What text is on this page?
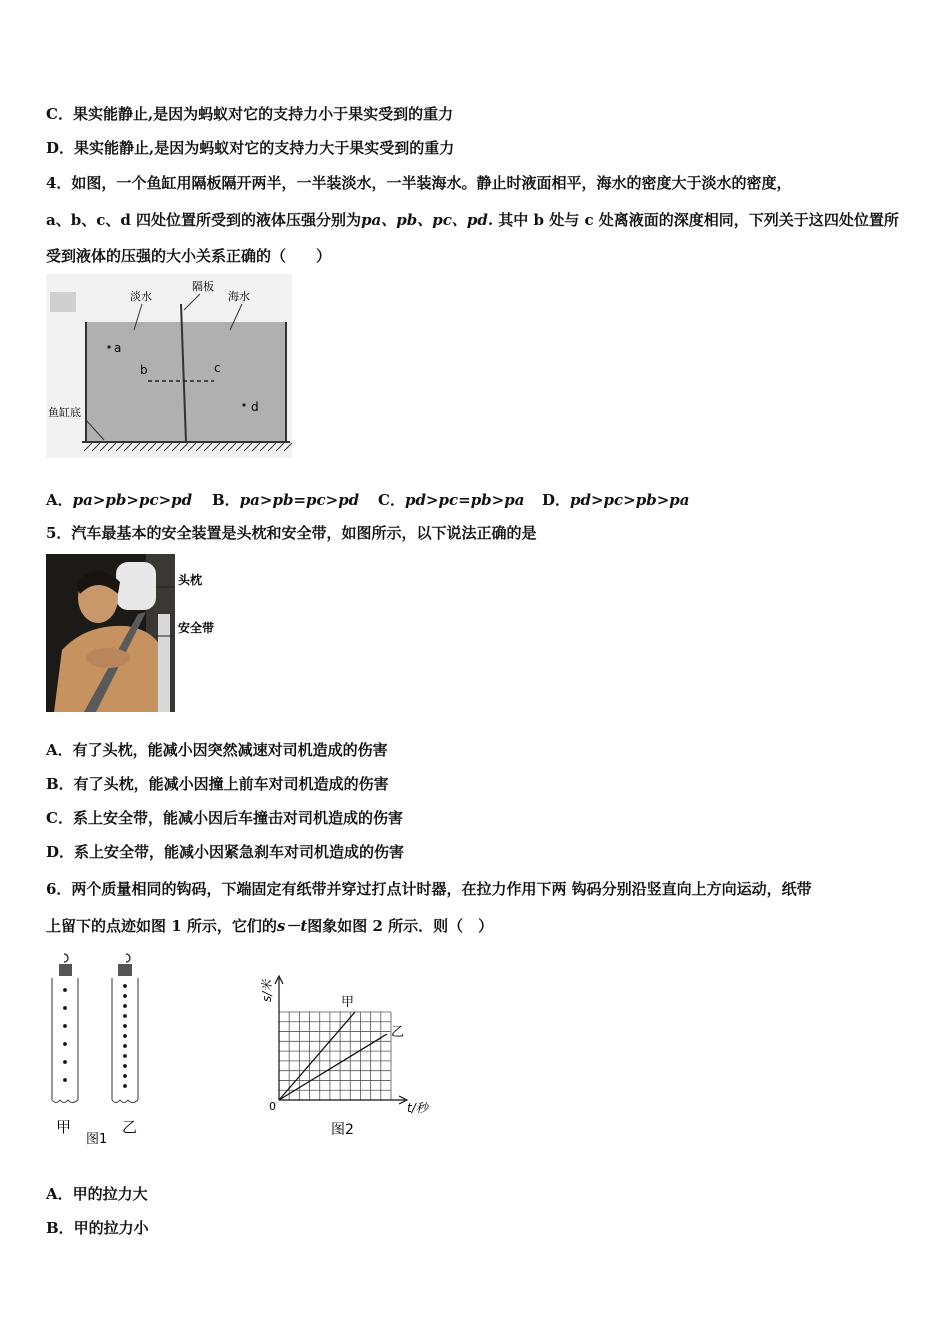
C．果实能静止,是因为蚂蚁对它的支持力小于果实受到的重力
D．果实能静止,是因为蚂蚁对它的支持力大于果实受到的重力
4．如图，一个鱼缸用隔板隔开两半，一半装淡水，一半装海水。静止时液面相平，海水的密度大于淡水的密度，
a、b、c、d 四处位置所受到的液体压强分别为pa、pb、pc、pd. 其中 b 处与 c 处离液面的深度相同，下列关于这四处位置所
受到液体的压强的大小关系正确的（　　）
淡水
隔板
海水
鱼缸底
a
b	c
d
A．pa>pb>pc>pd B．pa>pb=pc>pd C．pd>pc=pb>pa D．pd>pc>pb>pa
5．汽车最基本的安全装置是头枕和安全带，如图所示，以下说法正确的是
头枕
安全带
A．有了头枕，能减小因突然减速对司机造成的伤害
B．有了头枕，能减小因撞上前车对司机造成的伤害
C．系上安全带，能减小因后车撞击对司机造成的伤害
D．系上安全带，能减小因紧急刹车对司机造成的伤害
6．两个质量相同的钩码，下端固定有纸带并穿过打点计时器，在拉力作用下两 钩码分别沿竖直向上方向运动，纸带
上留下的点迹如图 1 所示，它们的s－t图象如图 2 所示．则（　）
甲
图1
乙
s/米
t/秒
0
甲
乙
图2
A．甲的拉力大
B．甲的拉力小
